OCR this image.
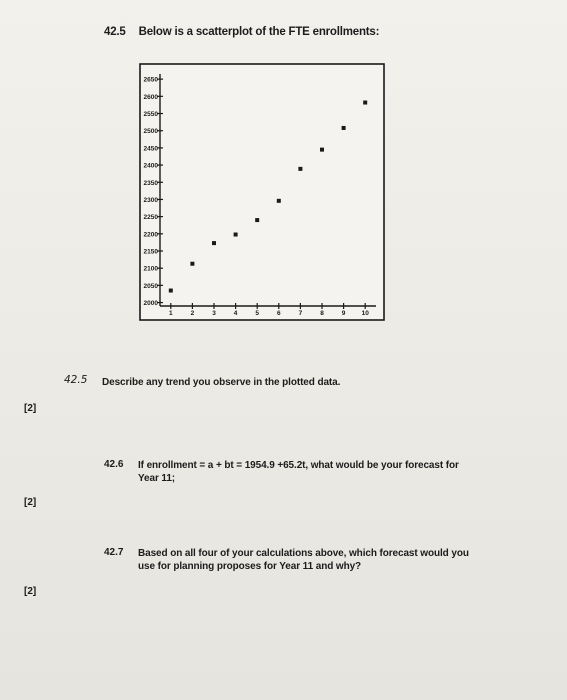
42.5 Below is a scatterplot of the FTE enrollments:
2000
2050
2100
2150
2200
2250
2300
2350
2400
2450
2500
2550
2600
2650
1	2	3	4	5	6	7	8	9 10
42.5 Describe any trend you observe in the plotted data.
[2]
42.6 If enrollment = a + bt = 1954.9 +65.2t, what would be your forecast for
Year 11;
[2]
42.7 Based on all four of your calculations above, which forecast would you
use for planning proposes for Year 11 and why?
[2]
